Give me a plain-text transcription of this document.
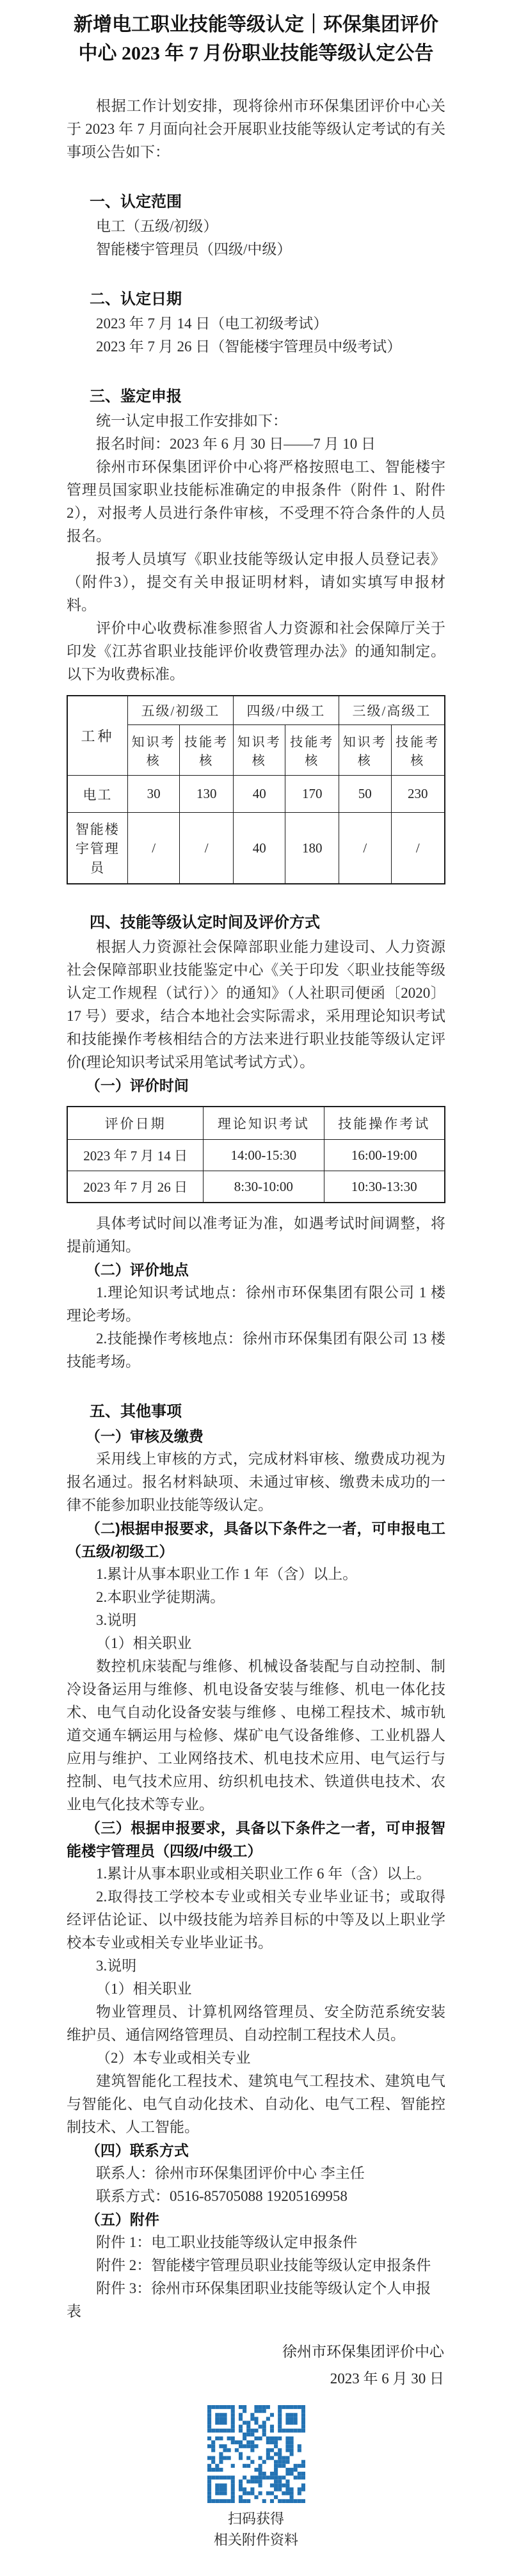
新增电工职业技能等级认定｜环保集团评价中心 2023 年 7 月份职业技能等级认定公告

根据工作计划安排，现将徐州市环保集团评价中心关于 2023 年 7 月面向社会开展职业技能等级认定考试的有关事项公告如下：

一、认定范围

电工（五级/初级）

智能楼宇管理员（四级/中级）

二、认定日期

2023 年 7 月 14 日（电工初级考试）

2023 年 7 月 26 日（智能楼宇管理员中级考试）

三、鉴定申报

统一认定申报工作安排如下：

报名时间：2023 年 6 月 30 日——7 月 10 日

徐州市环保集团评价中心将严格按照电工、智能楼宇管理员国家职业技能标准确定的申报条件（附件 1、附件 2），对报考人员进行条件审核，不受理不符合条件的人员报名。

报考人员填写《职业技能等级认定申报人员登记表》（附件3），提交有关申报证明材料，请如实填写申报材料。

评价中心收费标准参照省人力资源和社会保障厅关于印发《江苏省职业技能评价收费管理办法》的通知制定。以下为收费标准。

工种	五级/初级工		四级/中级工		三级/高级工	
	知识考核	技能考核	知识考核	技能考核	知识考核	技能考核
电工	30	130	40	170	50	230
智能楼宇管理员	/	/	40	180	/	/
四、技能等级认定时间及评价方式

根据人力资源社会保障部职业能力建设司、人力资源社会保障部职业技能鉴定中心《关于印发〈职业技能等级认定工作规程（试行）〉的通知》（人社职司便函〔2020〕17 号）要求，结合本地社会实际需求，采用理论知识考试和技能操作考核相结合的方法来进行职业技能等级认定评价(理论知识考试采用笔试考试方式）。

（一）评价时间
评价日期	理论知识考试	技能操作考试
2023 年 7 月 14 日	14:00-15:30	16:00-19:00
2023 年 7 月 26 日	8:30-10:00	10:30-13:30

具体考试时间以准考证为准，如遇考试时间调整，将提前通知。

（二）评价地点

1.理论知识考试地点：徐州市环保集团有限公司 1 楼理论考场。

2.技能操作考核地点：徐州市环保集团有限公司 13 楼技能考场。

五、其他事项
（一）审核及缴费

采用线上审核的方式，完成材料审核、缴费成功视为报名通过。报名材料缺项、未通过审核、缴费未成功的一律不能参加职业技能等级认定。

（二)根据申报要求，具备以下条件之一者，可申报电工（五级/初级工）

1.累计从事本职业工作 1 年（含）以上。

2.本职业学徒期满。

3.说明

（1）相关职业

数控机床装配与维修、机械设备装配与自动控制、制冷设备运用与维修、机电设备安装与维修、机电一体化技术、电气自动化设备安装与维修 、电梯工程技术、城市轨道交通车辆运用与检修、煤矿电气设备维修、工业机器人应用与维护、工业网络技术、机电技术应用、电气运行与控制、电气技术应用、纺织机电技术、铁道供电技术、农业电气化技术等专业。

（三）根据申报要求，具备以下条件之一者，可申报智能楼宇管理员（四级/中级工）

1.累计从事本职业或相关职业工作 6 年（含）以上。

2.取得技工学校本专业或相关专业毕业证书；或取得经评估论证、以中级技能为培养目标的中等及以上职业学校本专业或相关专业毕业证书。

3.说明

（1）相关职业

物业管理员、计算机网络管理员、安全防范系统安装维护员、通信网络管理员、自动控制工程技术人员。

（2）本专业或相关专业

建筑智能化工程技术、建筑电气工程技术、建筑电气与智能化、电气自动化技术、自动化、电气工程、智能控制技术、人工智能。

（四）联系方式

联系人：徐州市环保集团评价中心 李主任

联系方式：0516-85705088 19205169958

（五）附件

附件 1：电工职业技能等级认定申报条件

附件 2：智能楼宇管理员职业技能等级认定申报条件

附件 3：徐州市环保集团职业技能等级认定个人申报表

徐州市环保集团评价中心

2023 年 6 月 30 日

扫码获得

相关附件资料
